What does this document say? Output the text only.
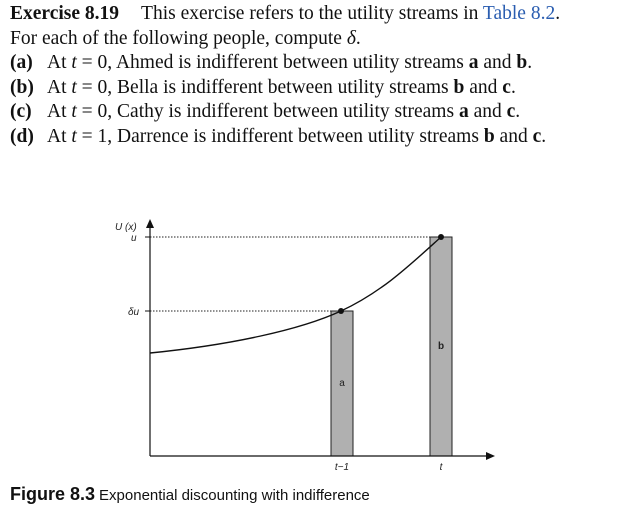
Exercise 8.19 This exercise refers to the utility streams in Table 8.2.
For each of the following people, compute δ.
(a) At t = 0, Ahmed is indifferent between utility streams a and b.
(b) At t = 0, Bella is indifferent between utility streams b and c.
(c) At t = 0, Cathy is indifferent between utility streams a and c.
(d) At t = 1, Darrence is indifferent between utility streams b and c.
U (x)
u
δu
a
b
t−1	t
Figure 8.3 Exponential discounting with indifference
